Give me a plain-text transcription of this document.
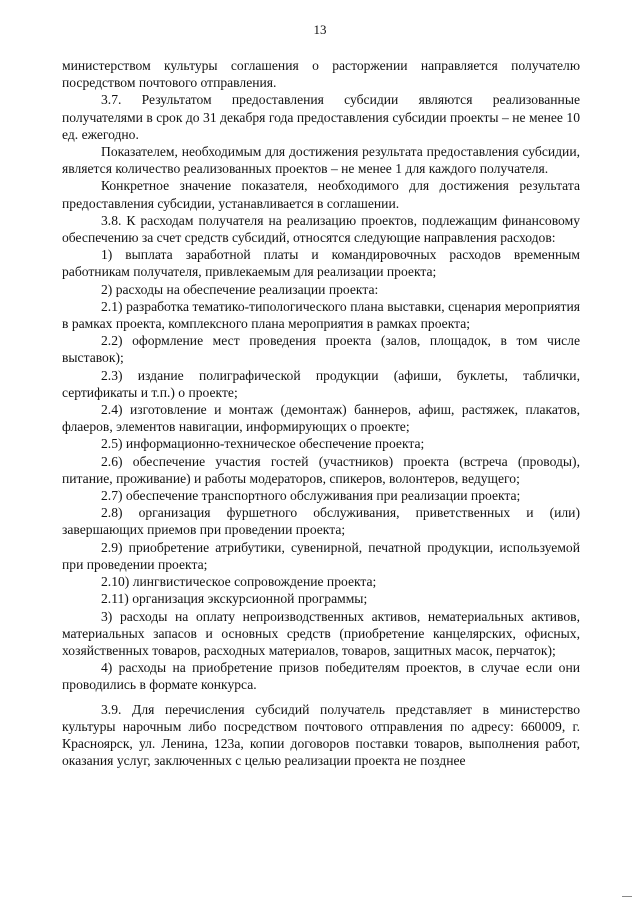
13

министерством культуры соглашения о расторжении направляется получателю посредством почтового отправления.

3.7. Результатом предоставления субсидии являются реализованные получателями в срок до 31 декабря года предоставления субсидии проекты – не менее 10 ед. ежегодно.

Показателем, необходимым для достижения результата предоставления субсидии, является количество реализованных проектов – не менее 1 для каждого получателя.

Конкретное значение показателя, необходимого для достижения результата предоставления субсидии, устанавливается в соглашении.

3.8. К расходам получателя на реализацию проектов, подлежащим финансовому обеспечению за счет средств субсидий, относятся следующие направления расходов:

1) выплата заработной платы и командировочных расходов временным работникам получателя, привлекаемым для реализации проекта;

2) расходы на обеспечение реализации проекта:

2.1) разработка тематико-типологического плана выставки, сценария мероприятия в рамках проекта, комплексного плана мероприятия в рамках проекта;

2.2) оформление мест проведения проекта (залов, площадок, в том числе выставок);

2.3) издание полиграфической продукции (афиши, буклеты, таблички, сертификаты и т.п.) о проекте;

2.4) изготовление и монтаж (демонтаж) баннеров, афиш, растяжек, плакатов, флаеров, элементов навигации, информирующих о проекте;

2.5) информационно-техническое обеспечение проекта;

2.6) обеспечение участия гостей (участников) проекта (встреча (проводы), питание, проживание) и работы модераторов, спикеров, волонтеров, ведущего;

2.7) обеспечение транспортного обслуживания при реализации проекта;

2.8) организация фуршетного обслуживания, приветственных и (или) завершающих приемов при проведении проекта;

2.9) приобретение атрибутики, сувенирной, печатной продукции, используемой при проведении проекта;

2.10) лингвистическое сопровождение проекта;

2.11) организация экскурсионной программы;

3) расходы на оплату непроизводственных активов, нематериальных активов, материальных запасов и основных средств (приобретение канцелярских, офисных, хозяйственных товаров, расходных материалов, товаров, защитных масок, перчаток);

4) расходы на приобретение призов победителям проектов, в случае если они проводились в формате конкурса.

3.9. Для перечисления субсидий получатель представляет в министерство культуры нарочным либо посредством почтового отправления по адресу: 660009, г. Красноярск, ул. Ленина, 123а, копии договоров поставки товаров, выполнения работ, оказания услуг, заключенных с целью реализации проекта не позднее
